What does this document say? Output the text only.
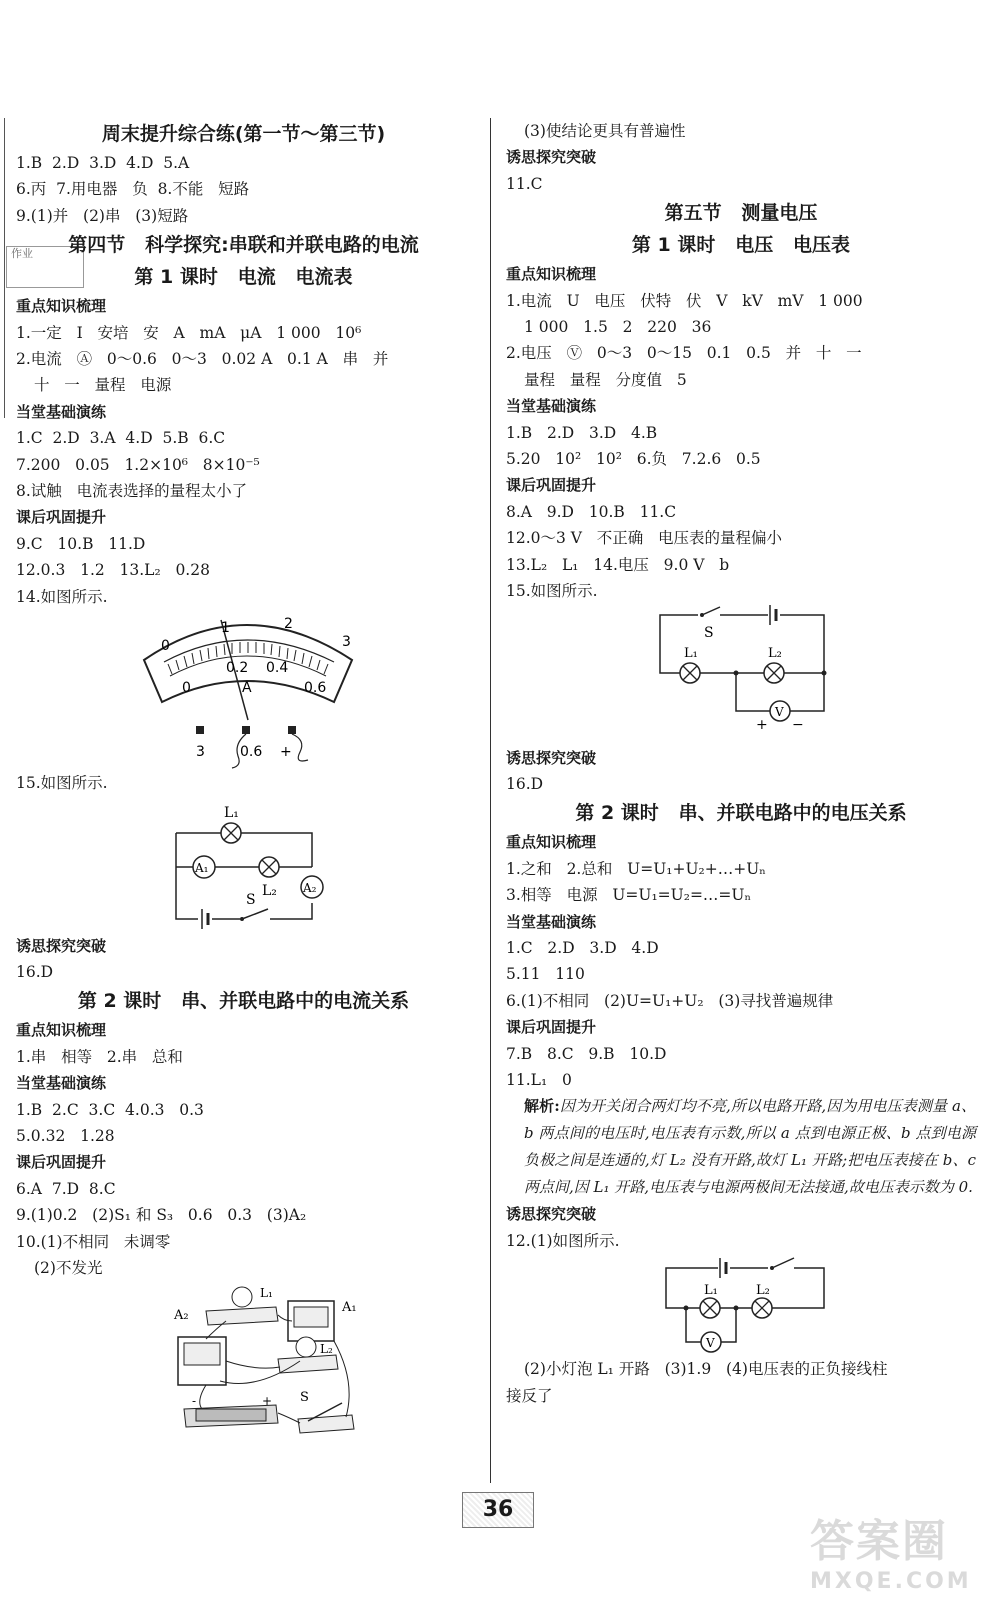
作业
周末提升综合练(第一节～第三节)
1.B  2.D  3.D  4.D  5.A
6.丙  7.用电器   负  8.不能   短路
9.(1)并   (2)串   (3)短路
第四节   科学探究:串联和并联电路的电流
第 1 课时   电流   电流表
重点知识梳理
1.一定   I   安培   安   A   mA   μA   1 000   10⁶
2.电流   Ⓐ   0～0.6   0～3   0.02 A   0.1 A   串   并
十   一   量程   电源
当堂基础演练
1.C  2.D  3.A  4.D  5.B  6.C
7.200   0.05   1.2×10⁶   8×10⁻⁵
8.试触   电流表选择的量程太小了
课后巩固提升
9.C   10.B   11.D
12.0.3   1.2   13.L₂   0.28
14.如图所示.
0
1	2
3
0
0.2 0.4
0.6
A
3	0.6 +
15.如图所示.
L₁
A₁
L₂ A₂
S
诱思探究突破
16.D
第 2 课时   串、并联电路中的电流关系
重点知识梳理
1.串   相等   2.串   总和
当堂基础演练
1.B  2.C  3.C  4.0.3   0.3
5.0.32   1.28
课后巩固提升
6.A  7.D  8.C
9.(1)0.2   (2)S₁ 和 S₃   0.6   0.3   (3)A₂
10.(1)不相同   未调零
(2)不发光
L₁
A₁
A₂
L₂
-	+ S
(3)使结论更具有普遍性
诱思探究突破
11.C
第五节   测量电压
第 1 课时   电压   电压表
重点知识梳理
1.电流   U   电压   伏特   伏   V   kV   mV   1 000
1 000   1.5   2   220   36
2.电压   Ⓥ   0～3   0～15   0.1   0.5   并   十   一
量程   量程   分度值   5
当堂基础演练
1.B   2.D   3.D   4.B
5.20   10²   10²   6.负   7.2.6   0.5
课后巩固提升
8.A   9.D   10.B   11.C
12.0～3 V   不正确   电压表的量程偏小
13.L₂   L₁   14.电压   9.0 V   b
15.如图所示.
S
L₁	L₂
V
+ −
诱思探究突破
16.D
第 2 课时   串、并联电路中的电压关系
重点知识梳理
1.之和   2.总和   U=U₁+U₂+…+Uₙ
3.相等   电源   U=U₁=U₂=…=Uₙ
当堂基础演练
1.C   2.D   3.D   4.D
5.11   110
6.(1)不相同   (2)U=U₁+U₂   (3)寻找普遍规律
课后巩固提升
7.B   8.C   9.B   10.D
11.L₁   0
解析:因为开关闭合两灯均不亮,所以电路开路,因为用电压表测量 a、b 两点间的电压时,电压表有示数,所以 a 点到电源正极、b 点到电源负极之间是连通的,灯 L₂ 没有开路,故灯 L₁ 开路;把电压表接在 b、c 两点间,因 L₁ 开路,电压表与电源两极间无法接通,故电压表示数为 0.
诱思探究突破
12.(1)如图所示.
L₁	L₂
V
(2)小灯泡 L₁ 开路   (3)1.9   (4)电压表的正负接线柱
接反了
36
答案圈
MXQE.COM
